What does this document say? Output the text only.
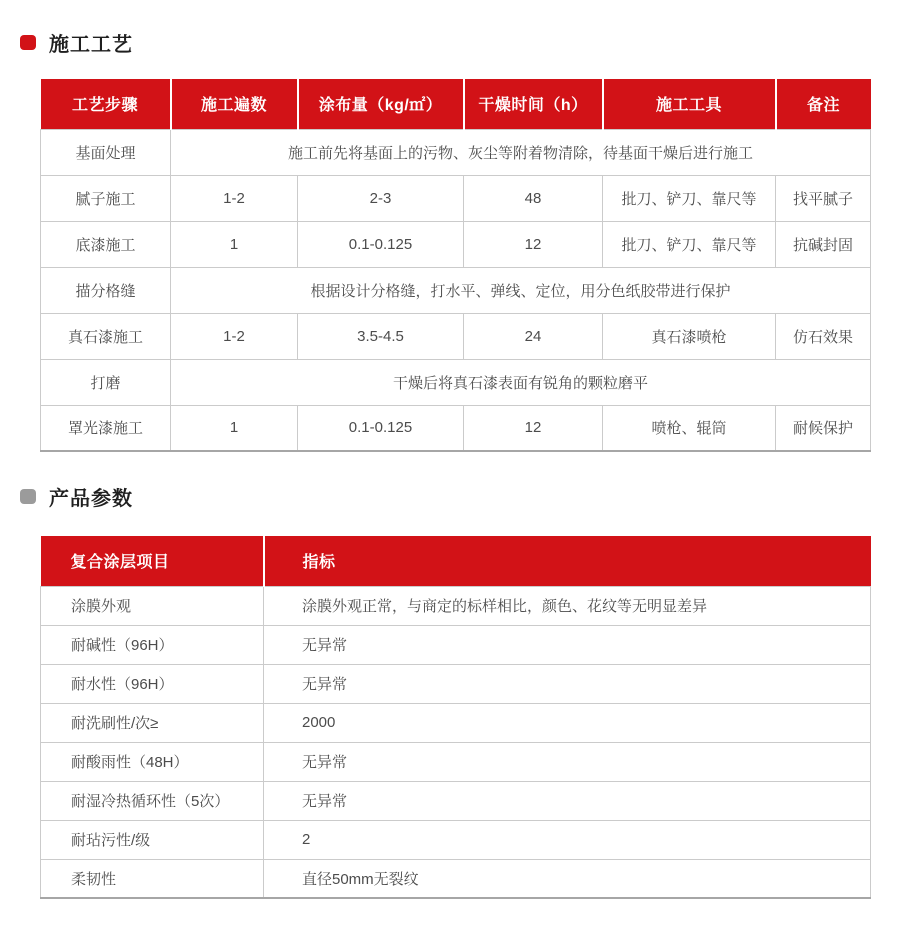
施工工艺
工艺步骤	施工遍数	涂布量（kg/㎡）	干燥时间（h）	施工工具	备注
基面处理	施工前先将基面上的污物、灰尘等附着物清除，待基面干燥后进行施工				
腻子施工	1-2	2-3	48	批刀、铲刀、靠尺等	找平腻子
底漆施工	1	0.1-0.125	12	批刀、铲刀、靠尺等	抗碱封固
描分格缝	根据设计分格缝，打水平、弹线、定位，用分色纸胶带进行保护				
真石漆施工	1-2	3.5-4.5	24	真石漆喷枪	仿石效果
打磨	干燥后将真石漆表面有锐角的颗粒磨平				
罩光漆施工	1	0.1-0.125	12	喷枪、辊筒	耐候保护
产品参数
复合涂层项目	指标
涂膜外观	涂膜外观正常，与商定的标样相比，颜色、花纹等无明显差异
耐碱性（96H）	无异常
耐水性（96H）	无异常
耐洗刷性/次≥	2000
耐酸雨性（48H）	无异常
耐湿冷热循环性（5次）	无异常
耐玷污性/级	2
柔韧性	直径50mm无裂纹
